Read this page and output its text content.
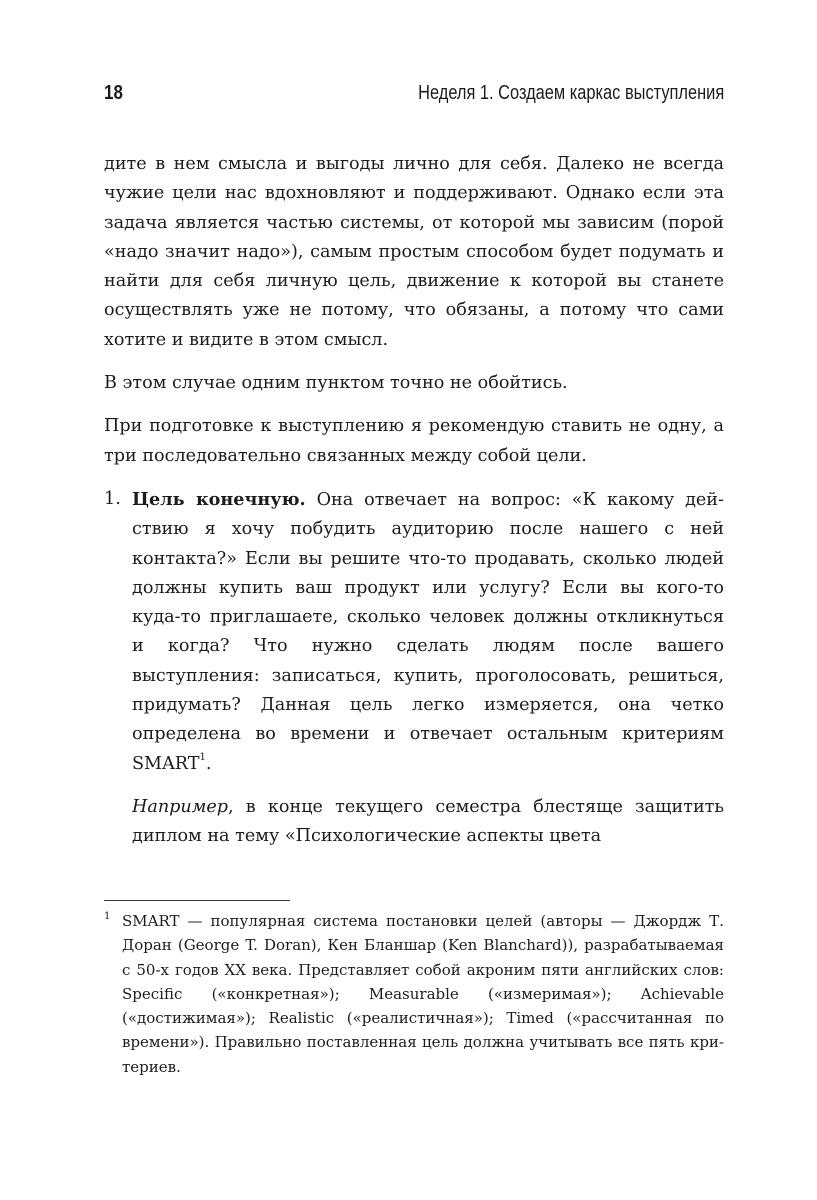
18	Неделя 1. Создаем каркас выступления

дите в нем смысла и выгоды лично для себя. Далеко не всегда чужие цели нас вдохновляют и поддерживают. Однако если эта задача является частью системы, от которой мы зависим (порой «надо значит надо»), самым простым способом будет подумать и найти для себя личную цель, движение к которой вы станете осуществлять уже не потому, что обязаны, а потому что сами хотите и видите в этом смысл.

В этом случае одним пунктом точно не обойтись.

При подготовке к выступлению я рекомендую ставить не одну, а три последовательно связанных между собой цели.

1. Цель конечную. Она отвечает на вопрос: «К какому действию я хочу побудить аудиторию после нашего с ней контакта?» Если вы решите что-то продавать, сколько людей должны купить ваш продукт или услугу? Если вы кого-то куда-то приглашаете, сколько человек должны откликнуться и когда? Что нужно сделать людям после вашего выступления: записаться, купить, проголосовать, решиться, придумать? Данная цель легко измеряется, она четко определена во времени и отвечает остальным критериям SMART$^1$.

Например, в конце текущего семестра блестяще защитить диплом на тему «Психологические аспекты цвета

1 SMART — популярная система постановки целей (авторы — Джордж Т. Доран (George T. Doran), Кен Бланшар (Ken Blanchard)), разрабатываемая с 50-х годов XX века. Представляет собой акроним пяти английских слов: Specific («конкретная»); Measurable («измеримая»); Achievable («достижимая»); Realistic («реалистичная»); Timed («рассчитанная по времени»). Правильно поставленная цель должна учитывать все пять критериев.
